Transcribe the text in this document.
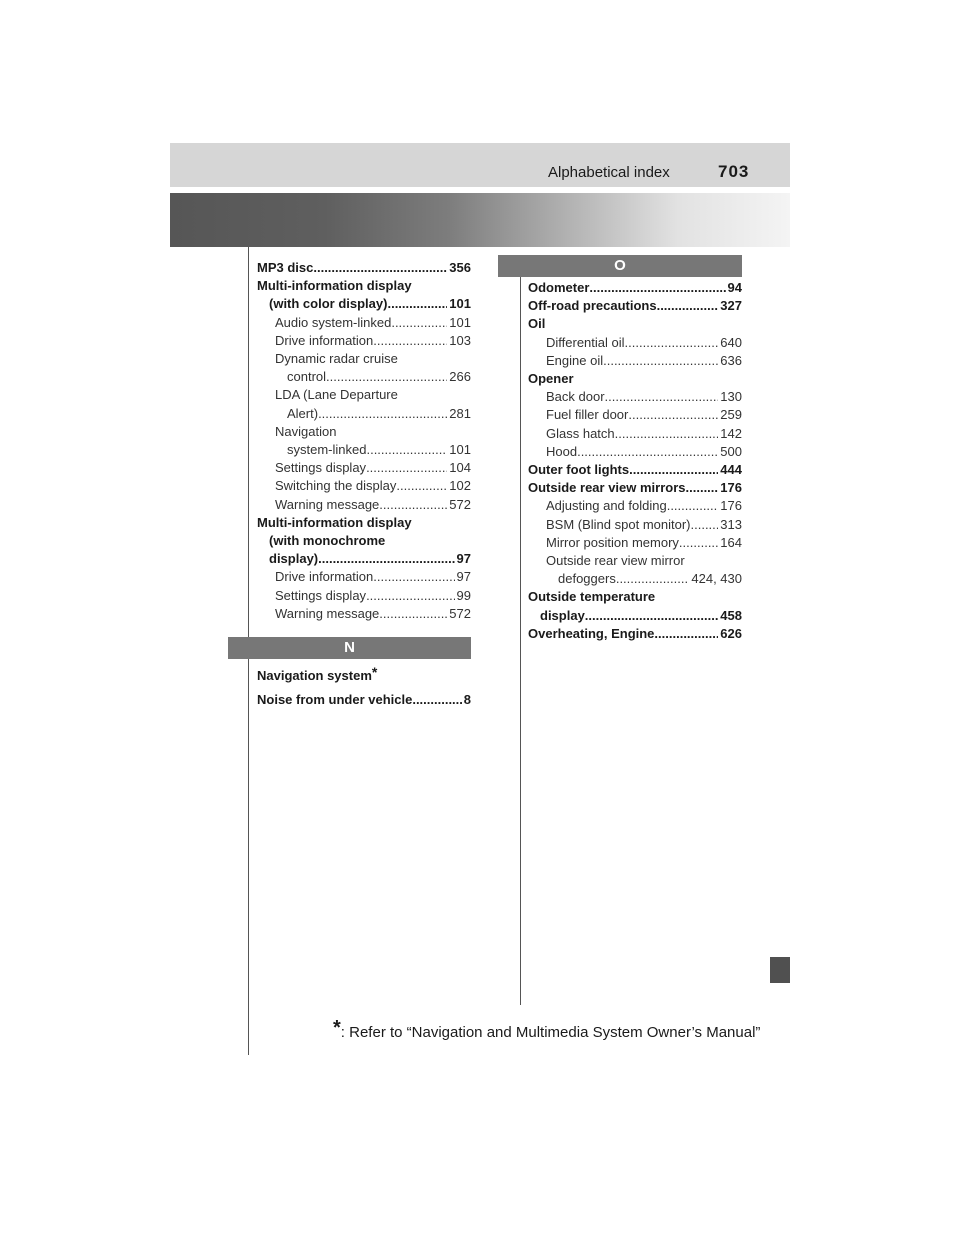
Alphabetical index	703
MP3 disc .....	356
Multi-information display
(with color display) .....	101
Audio system-linked .....	101
Drive information .....	103
Dynamic radar cruise
control .....	266
LDA (Lane Departure
Alert) .....	281
Navigation
system-linked .....	101
Settings display .....	104
Switching the display .....	102
Warning message .....	572
Multi-information display
(with monochrome
display) .....	97
Drive information .....	97
Settings display .....	99
Warning message .....	572
N
Navigation system*
Noise from under vehicle .....	8
O
Odometer .....	94
Off-road precautions .....	327
Oil
Differential oil .....	640
Engine oil .....	636
Opener
Back door .....	130
Fuel filler door .....	259
Glass hatch .....	142
Hood .....	500
Outer foot lights .....	444
Outside rear view mirrors .....	176
Adjusting and folding .....	176
BSM (Blind spot monitor) ..... 313
Mirror position memory .....	164
Outside rear view mirror
defoggers .....	424, 430
Outside temperature
display .....	458
Overheating, Engine .....	626
*: Refer to “Navigation and Multimedia System Owner’s Manual”
